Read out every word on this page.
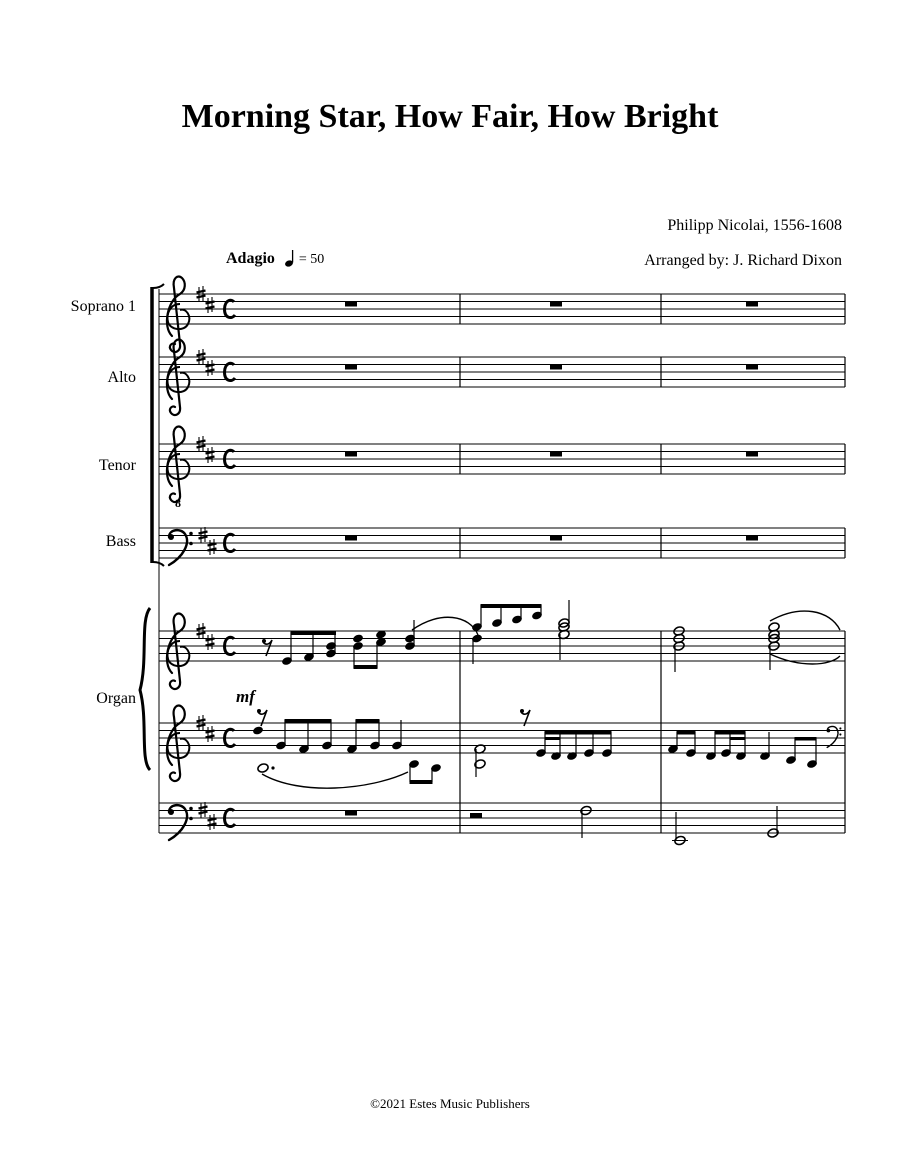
Morning Star, How Fair, How Bright
Philipp Nicolai, 1556-1608
Arranged by: J. Richard Dixon
Adagio = 50
Soprano 1
Alto
Tenor
Bass
Organ
8
mf
©2021 Estes Music Publishers
